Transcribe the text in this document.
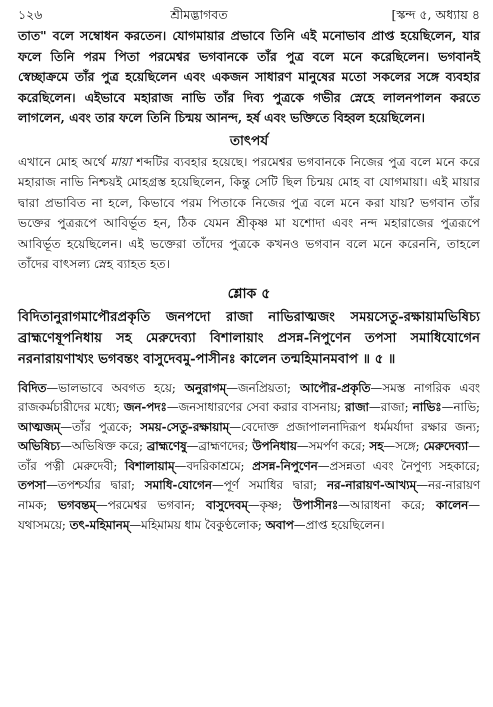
১২৬	শ্রীমদ্ভাগবত	[স্কন্দ ৫, অধ্যায় ৪

তাত" বলে সম্বোধন করতেন। যোগমায়ার প্রভাবে তিনি এই মনোভাব প্রাপ্ত হয়েছিলেন, যার ফলে তিনি পরম পিতা পরমেশ্বর ভগবানকে তাঁর পুত্র বলে মনে করেছিলেন। ভগবানই স্বেচ্ছাক্রমে তাঁর পুত্র হয়েছিলেন এবং একজন সাধারণ মানুষের মতো সকলের সঙ্গে ব্যবহার করেছিলেন। এইভাবে মহারাজ নাভি তাঁর দিব্য পুত্রকে গভীর স্নেহে লালনপালন করতে লাগলেন, এবং তার ফলে তিনি চিন্ময় আনন্দ, হর্ষ এবং ভক্তিতে বিহ্বল হয়েছিলেন।

তাৎপর্য

এখানে মোহ অর্থে মায়া শব্দটির ব্যবহার হয়েছে। পরমেশ্বর ভগবানকে নিজের পুত্র বলে মনে করে মহারাজ নাভি নিশ্চয়ই মোহগ্রস্ত হয়েছিলেন, কিন্তু সেটি ছিল চিন্ময় মোহ বা যোগমায়া। এই মায়ার দ্বারা প্রভাবিত না হলে, কিভাবে পরম পিতাকে নিজের পুত্র বলে মনে করা যায়? ভগবান তাঁর ভক্তের পুত্ররূপে আবির্ভূত হন, ঠিক যেমন শ্রীকৃষ্ণ মা যশোদা এবং নন্দ মহারাজের পুত্ররূপে আবির্ভূত হয়েছিলেন। এই ভক্তেরা তাঁদের পুত্রকে কখনও ভগবান বলে মনে করেননি, তাহলে তাঁদের বাৎসল্য স্নেহ ব্যাহত হত।

শ্লোক ৫

বিদিতানুরাগমাপৌরপ্রকৃতি জনপদো রাজা নাভিরাত্মজং সময়সেতু-রক্ষায়ামভিষিচ্য ব্রাহ্মণেষূপনিধায় সহ মেরুদেব্যা বিশালায়াং প্রসন্ন-নিপুণেন তপসা সমাধিযোগেন নরনারায়ণাখ্যং ভগবন্তং বাসুদেবমু-পাসীনঃ কালেন তন্মহিমানমবাপ ॥ ৫ ॥

বিদিত—ভালভাবে অবগত হয়ে; অনুরাগম্—জনপ্রিয়তা; আপৌর-প্রকৃতি—সমস্ত নাগরিক এবং রাজকর্মচারীদের মধ্যে; জন-পদঃ—জনসাধারণের সেবা করার বাসনায়; রাজা—রাজা; নাভিঃ—নাভি; আত্মজম্—তাঁর পুত্রকে; সময়-সেতু-রক্ষায়াম্—বেদোক্ত প্রজাপালনাদিরূপ ধর্মমর্যাদা রক্ষার জন্য; অভিষিচ্য—অভিষিক্ত করে; ব্রাহ্মণেষু—ব্রাহ্মণদের; উপনিধায়—সমর্পণ করে; সহ—সঙ্গে; মেরুদেব্যা—তাঁর পত্নী মেরুদেবী; বিশালায়াম্—বদরিকাশ্রমে; প্রসন্ন-নিপুণেন—প্রসন্নতা এবং নৈপুণ্য সহকারে; তপসা—তপশ্চর্যার দ্বারা; সমাধি-যোগেন—পূর্ণ সমাধির দ্বারা; নর-নারায়ণ-আখ্যম্—নর-নারায়ণ নামক; ভগবন্তম্—পরমেশ্বর ভগবান; বাসুদেবম্—কৃষ্ণ; উপাসীনঃ—আরাধনা করে; কালেন—যথাসময়ে; তৎ-মহিমানম্—মহিমাময় ধাম বৈকুণ্ঠলোক; অবাপ—প্রাপ্ত হয়েছিলেন।
